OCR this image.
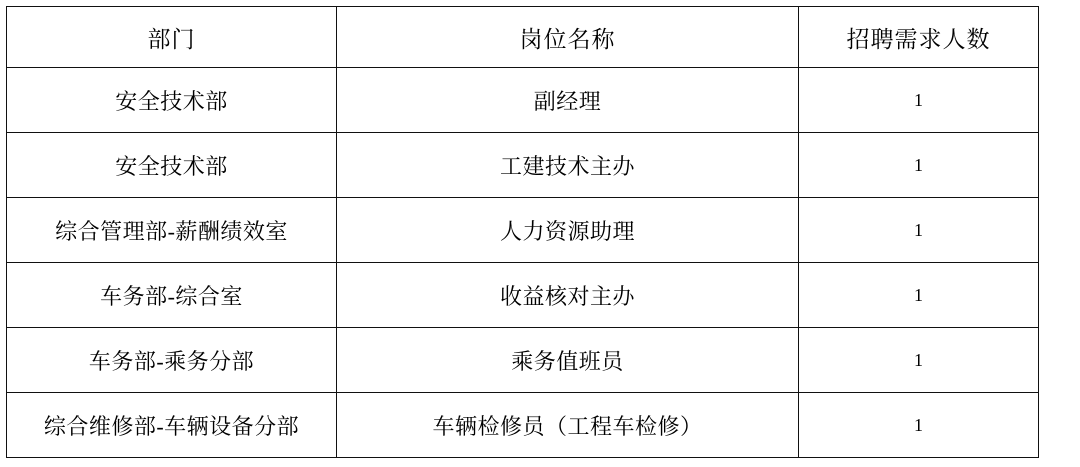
部门	岗位名称	招聘需求人数
安全技术部	副经理	1
安全技术部	工建技术主办	1
综合管理部-薪酬绩效室	人力资源助理	1
车务部-综合室	收益核对主办	1
车务部-乘务分部	乘务值班员	1
综合维修部-车辆设备分部	车辆检修员（工程车检修）	1
